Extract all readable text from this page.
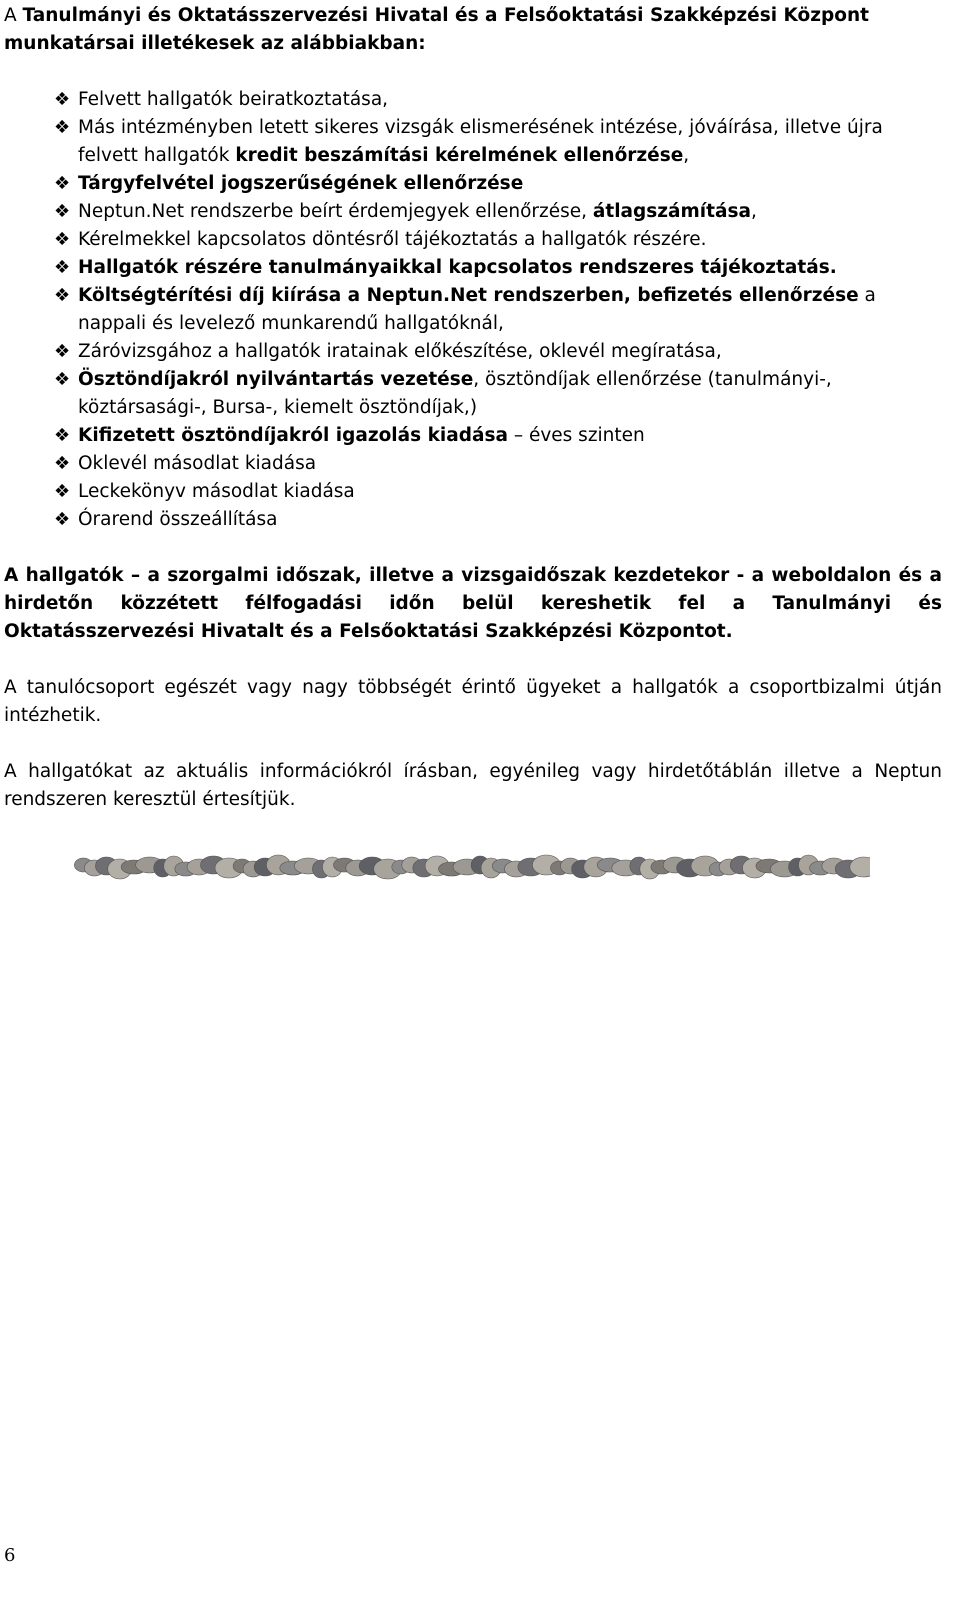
A Tanulmányi és Oktatásszervezési Hivatal és a Felsőoktatási Szakképzési Központ munkatársai illetékesek az alábbiakban:

❖ Felvett hallgatók beiratkoztatása,
❖ Más intézményben letett sikeres vizsgák elismerésének intézése, jóváírása, illetve újra felvett hallgatók kredit beszámítási kérelmének ellenőrzése,
❖ Tárgyfelvétel jogszerűségének ellenőrzése
❖ Neptun.Net rendszerbe beírt érdemjegyek ellenőrzése, átlagszámítása,
❖ Kérelmekkel kapcsolatos döntésről tájékoztatás a hallgatók részére.
❖ Hallgatók részére tanulmányaikkal kapcsolatos rendszeres tájékoztatás.
❖ Költségtérítési díj kiírása a Neptun.Net rendszerben, befizetés ellenőrzése a nappali és levelező munkarendű hallgatóknál,
❖ Záróvizsgához a hallgatók iratainak előkészítése, oklevél megíratása,
❖ Ösztöndíjakról nyilvántartás vezetése, ösztöndíjak ellenőrzése (tanulmányi-, köztársasági-, Bursa-, kiemelt ösztöndíjak,)
❖ Kifizetett ösztöndíjakról igazolás kiadása – éves szinten
❖ Oklevél másodlat kiadása
❖ Leckekönyv másodlat kiadása
❖ Órarend összeállítása

A hallgatók – a szorgalmi időszak, illetve a vizsgaidőszak kezdetekor - a weboldalon és a hirdetőn közzétett félfogadási időn belül kereshetik fel a Tanulmányi és Oktatásszervezési Hivatalt és a Felsőoktatási Szakképzési Központot.

A tanulócsoport egészét vagy nagy többségét érintő ügyeket a hallgatók a csoportbizalmi útján intézhetik.

A hallgatókat az aktuális információkról írásban, egyénileg vagy hirdetőtáblán illetve a Neptun rendszeren keresztül értesítjük.

6
